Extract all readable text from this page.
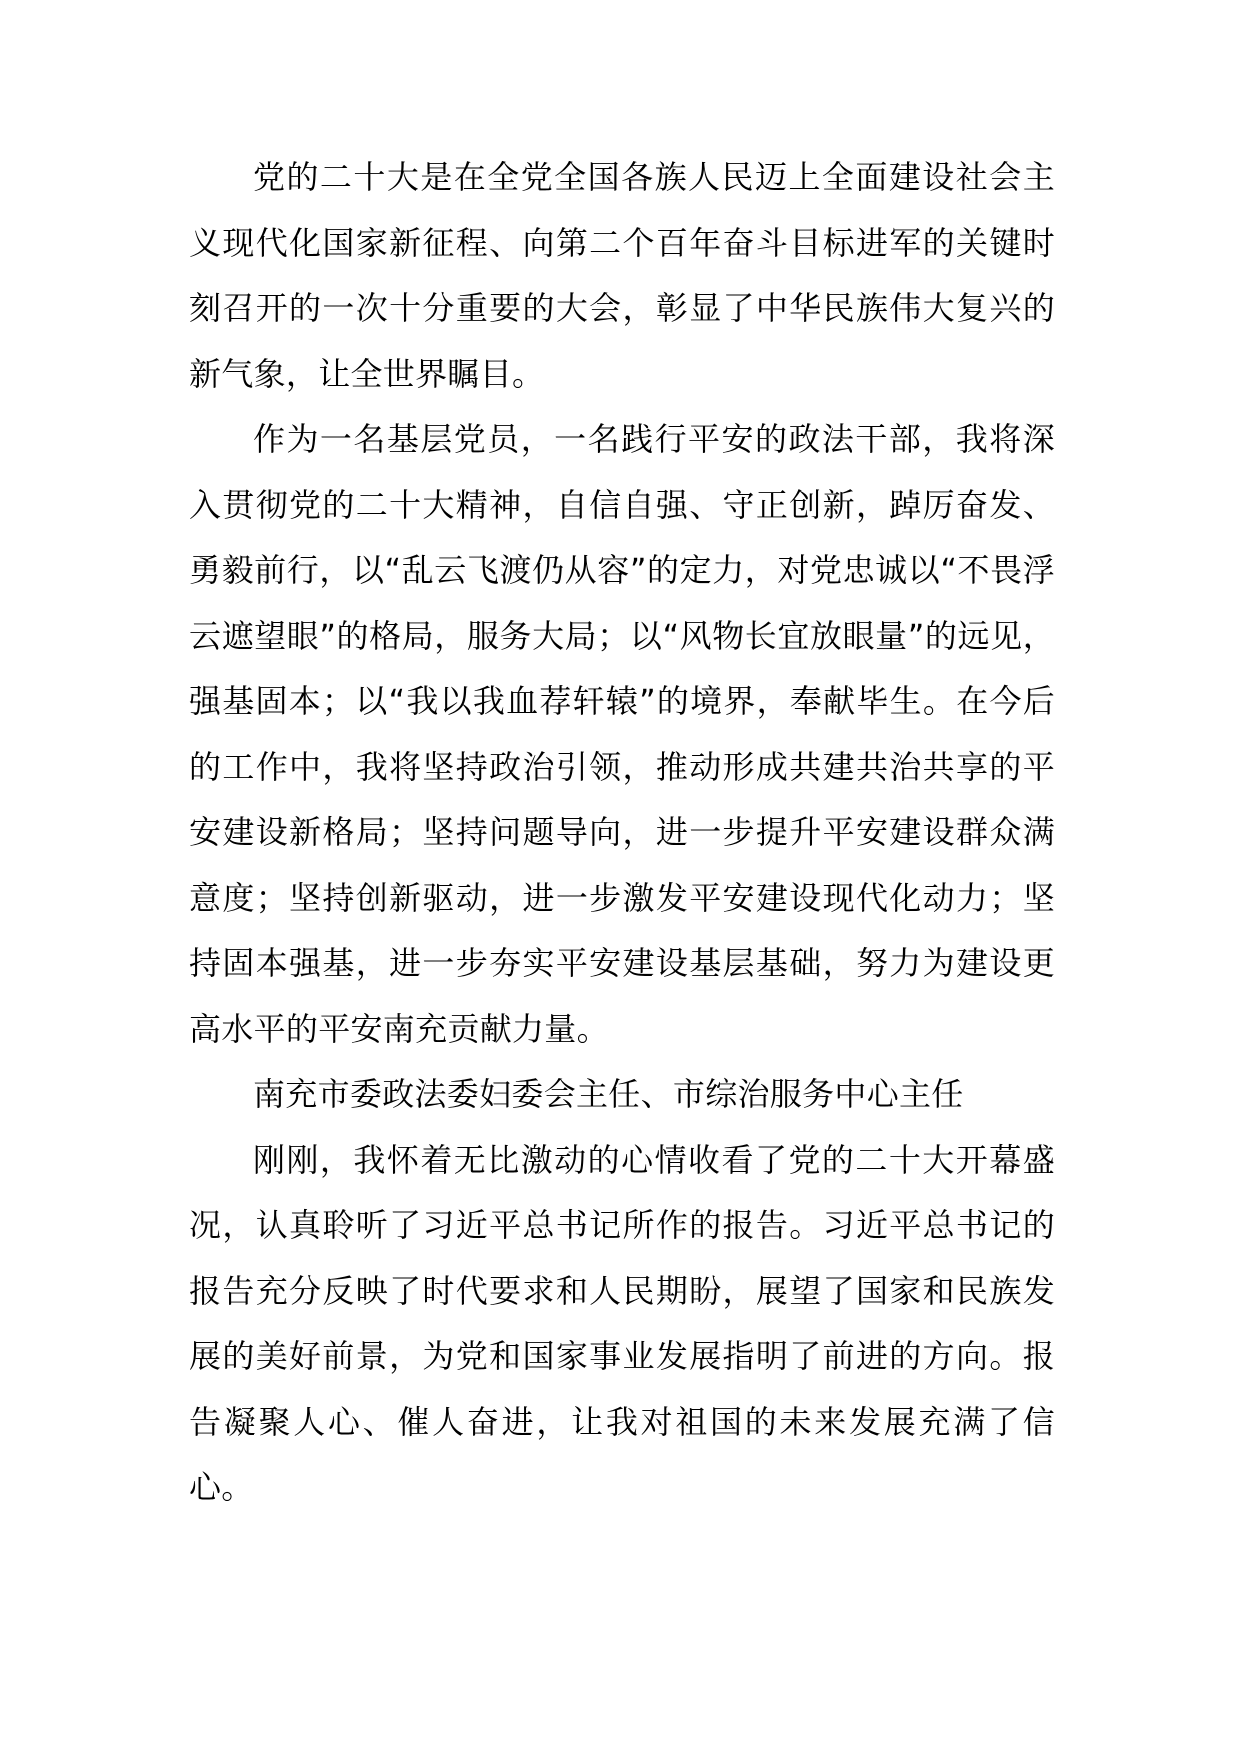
党的二十大是在全党全国各族人民迈上全面建设社会主义现代化国家新征程、向第二个百年奋斗目标进军的关键时刻召开的一次十分重要的大会，彰显了中华民族伟大复兴的新气象，让全世界瞩目。

作为一名基层党员，一名践行平安的政法干部，我将深入贯彻党的二十大精神，自信自强、守正创新，踔厉奋发、勇毅前行，以“乱云飞渡仍从容”的定力，对党忠诚以“不畏浮云遮望眼”的格局，服务大局；以“风物长宜放眼量”的远见，强基固本；以“我以我血荐轩辕”的境界，奉献毕生。在今后的工作中，我将坚持政治引领，推动形成共建共治共享的平安建设新格局；坚持问题导向，进一步提升平安建设群众满意度；坚持创新驱动，进一步激发平安建设现代化动力；坚持固本强基，进一步夯实平安建设基层基础，努力为建设更高水平的平安南充贡献力量。

南充市委政法委妇委会主任、市综治服务中心主任

刚刚，我怀着无比激动的心情收看了党的二十大开幕盛况，认真聆听了习近平总书记所作的报告。习近平总书记的报告充分反映了时代要求和人民期盼，展望了国家和民族发展的美好前景，为党和国家事业发展指明了前进的方向。报告凝聚人心、催人奋进，让我对祖国的未来发展充满了信心。
